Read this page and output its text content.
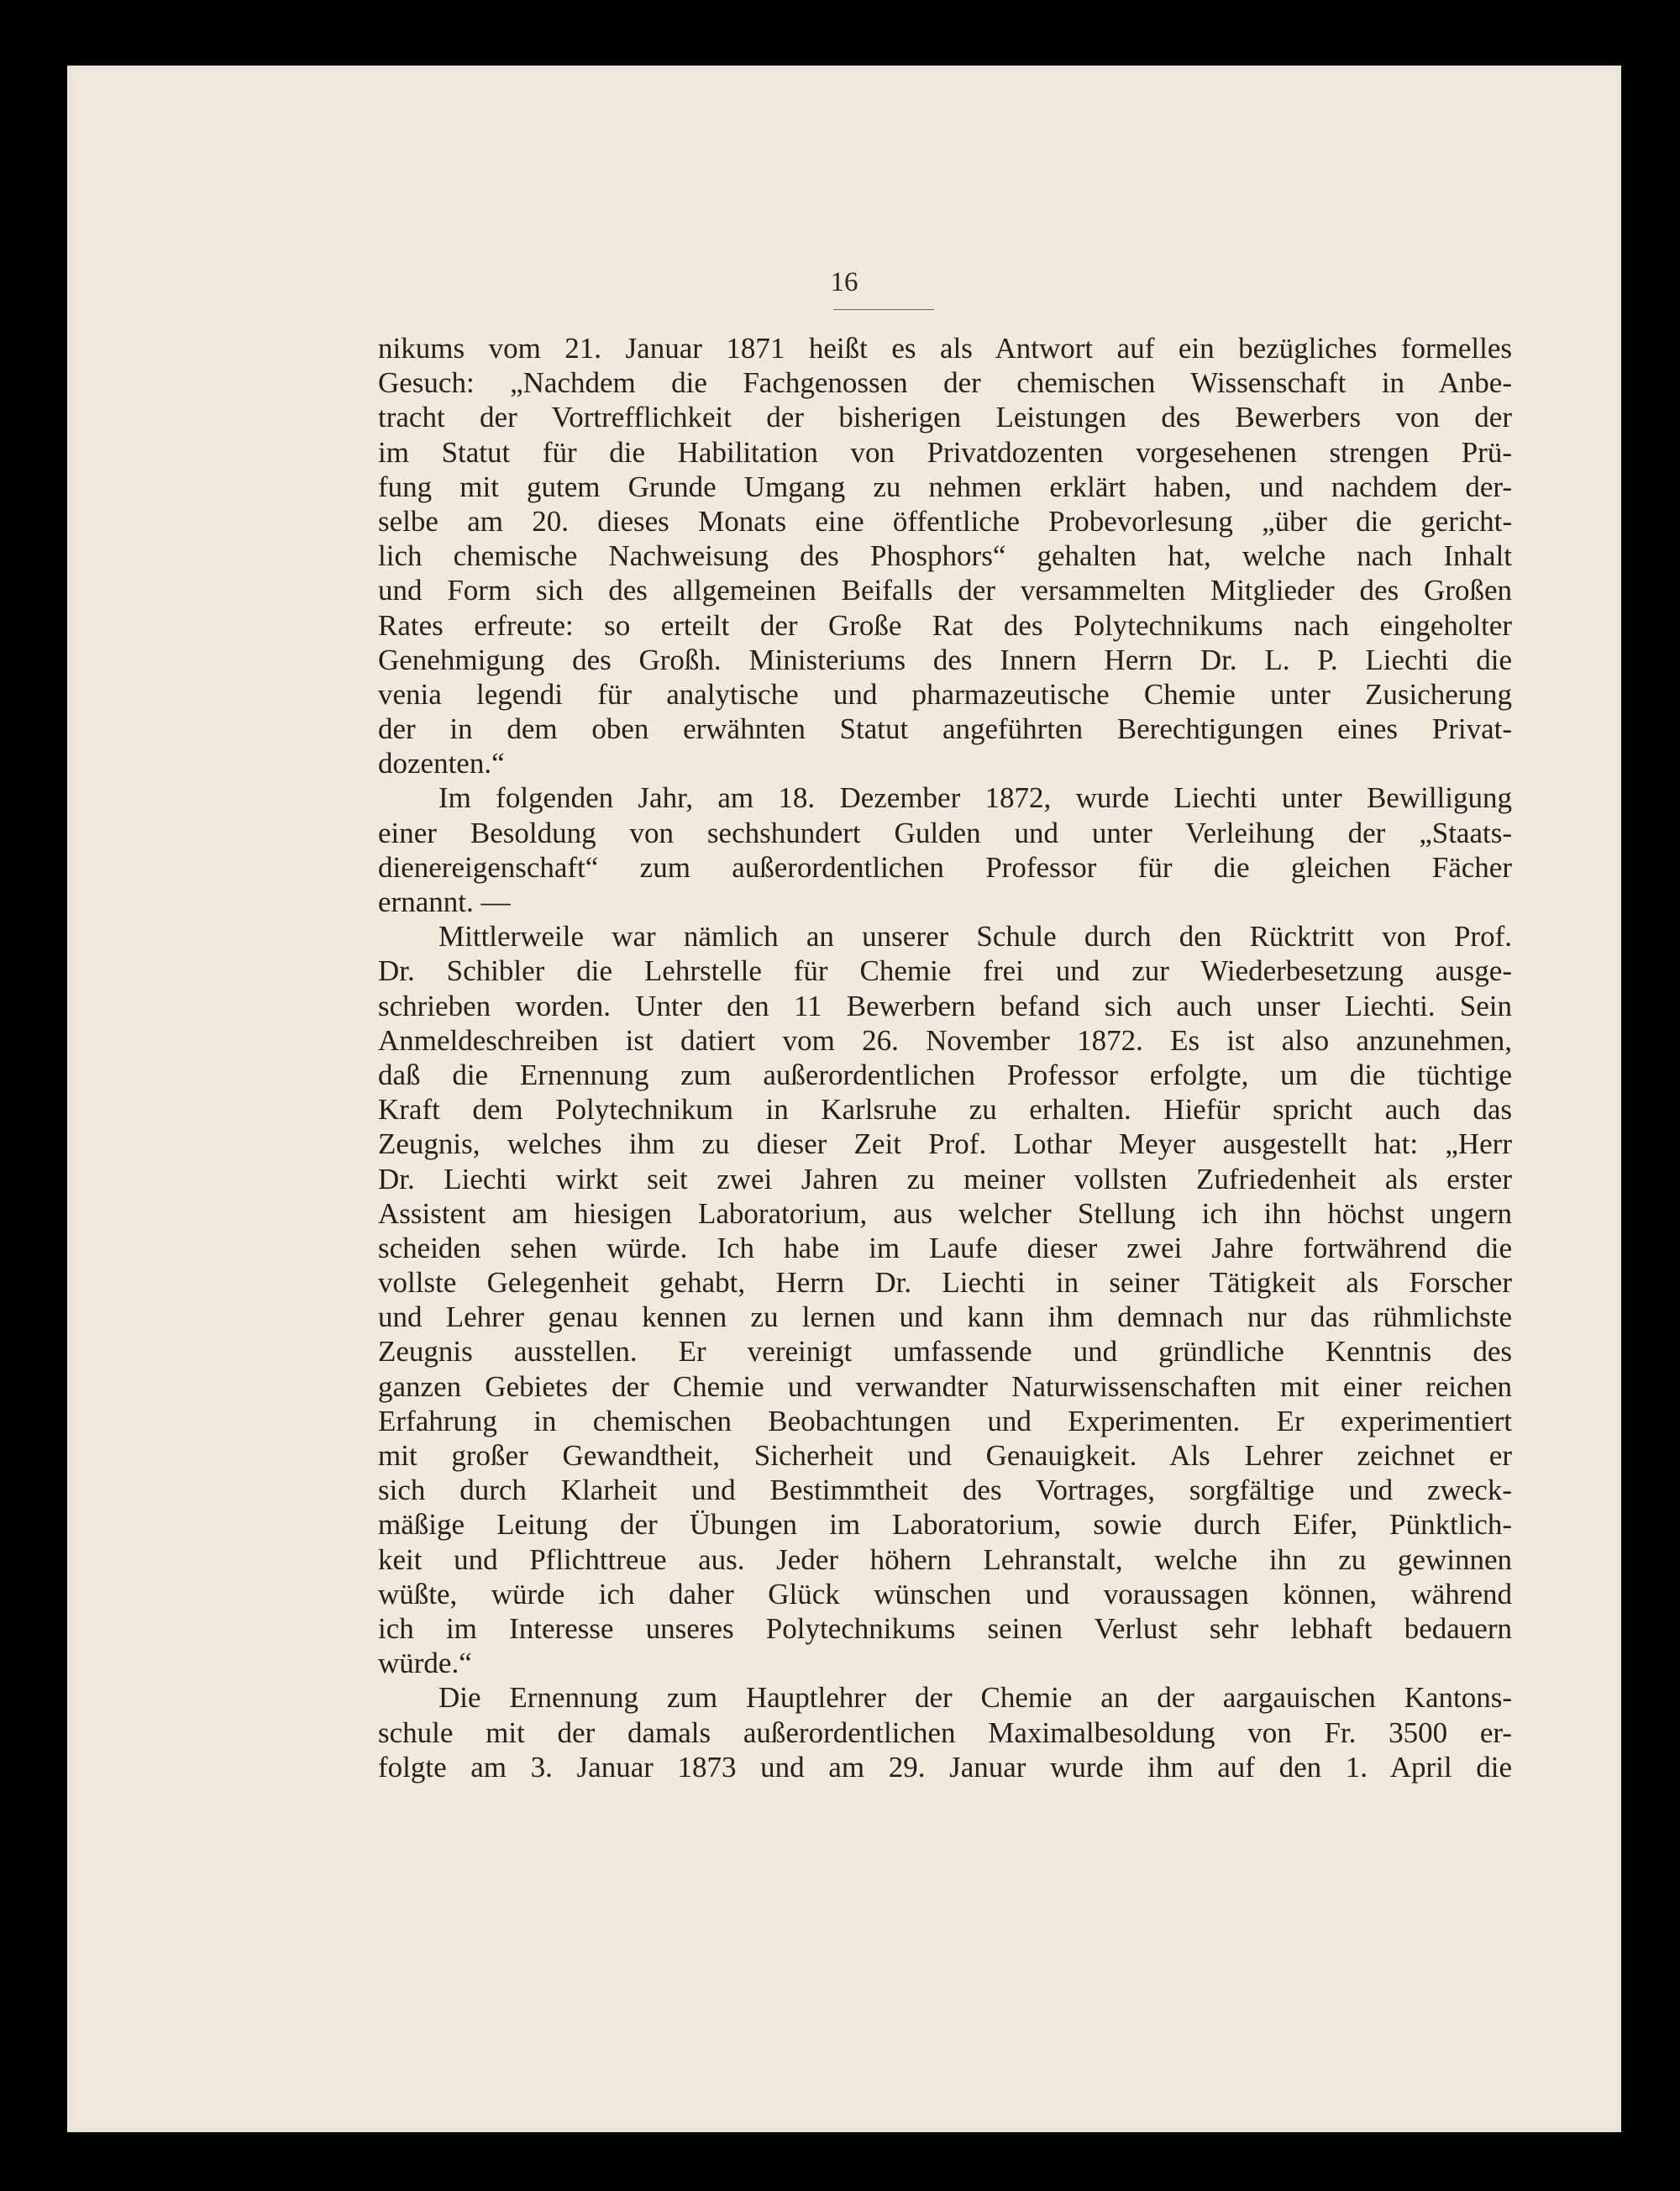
16
nikums vom 21. Januar 1871 heißt es als Antwort auf ein bezügliches formelles
Gesuch: „Nachdem die Fachgenossen der chemischen Wissenschaft in Anbe-
tracht der Vortrefflichkeit der bisherigen Leistungen des Bewerbers von der
im Statut für die Habilitation von Privatdozenten vorgesehenen strengen Prü-
fung mit gutem Grunde Umgang zu nehmen erklärt haben, und nachdem der-
selbe am 20. dieses Monats eine öffentliche Probevorlesung „über die gericht-
lich chemische Nachweisung des Phosphors“ gehalten hat, welche nach Inhalt
und Form sich des allgemeinen Beifalls der versammelten Mitglieder des Großen
Rates erfreute: so erteilt der Große Rat des Polytechnikums nach eingeholter
Genehmigung des Großh. Ministeriums des Innern Herrn Dr. L. P. Liechti die
venia legendi für analytische und pharmazeutische Chemie unter Zusicherung
der in dem oben erwähnten Statut angeführten Berechtigungen eines Privat-
dozenten.“
Im folgenden Jahr, am 18. Dezember 1872, wurde Liechti unter Bewilligung
einer Besoldung von sechshundert Gulden und unter Verleihung der „Staats-
dienereigenschaft“ zum außerordentlichen Professor für die gleichen Fächer
ernannt. —
Mittlerweile war nämlich an unserer Schule durch den Rücktritt von Prof.
Dr. Schibler die Lehrstelle für Chemie frei und zur Wiederbesetzung ausge-
schrieben worden. Unter den 11 Bewerbern befand sich auch unser Liechti. Sein
Anmeldeschreiben ist datiert vom 26. November 1872. Es ist also anzunehmen,
daß die Ernennung zum außerordentlichen Professor erfolgte, um die tüchtige
Kraft dem Polytechnikum in Karlsruhe zu erhalten. Hiefür spricht auch das
Zeugnis, welches ihm zu dieser Zeit Prof. Lothar Meyer ausgestellt hat: „Herr
Dr. Liechti wirkt seit zwei Jahren zu meiner vollsten Zufriedenheit als erster
Assistent am hiesigen Laboratorium, aus welcher Stellung ich ihn höchst ungern
scheiden sehen würde. Ich habe im Laufe dieser zwei Jahre fortwährend die
vollste Gelegenheit gehabt, Herrn Dr. Liechti in seiner Tätigkeit als Forscher
und Lehrer genau kennen zu lernen und kann ihm demnach nur das rühmlichste
Zeugnis ausstellen. Er vereinigt umfassende und gründliche Kenntnis des
ganzen Gebietes der Chemie und verwandter Naturwissenschaften mit einer reichen
Erfahrung in chemischen Beobachtungen und Experimenten. Er experimentiert
mit großer Gewandtheit, Sicherheit und Genauigkeit. Als Lehrer zeichnet er
sich durch Klarheit und Bestimmtheit des Vortrages, sorgfältige und zweck-
mäßige Leitung der Übungen im Laboratorium, sowie durch Eifer, Pünktlich-
keit und Pflichttreue aus. Jeder höhern Lehranstalt, welche ihn zu gewinnen
wüßte, würde ich daher Glück wünschen und voraussagen können, während
ich im Interesse unseres Polytechnikums seinen Verlust sehr lebhaft bedauern
würde.“
Die Ernennung zum Hauptlehrer der Chemie an der aargauischen Kantons-
schule mit der damals außerordentlichen Maximalbesoldung von Fr. 3500 er-
folgte am 3. Januar 1873 und am 29. Januar wurde ihm auf den 1. April die
